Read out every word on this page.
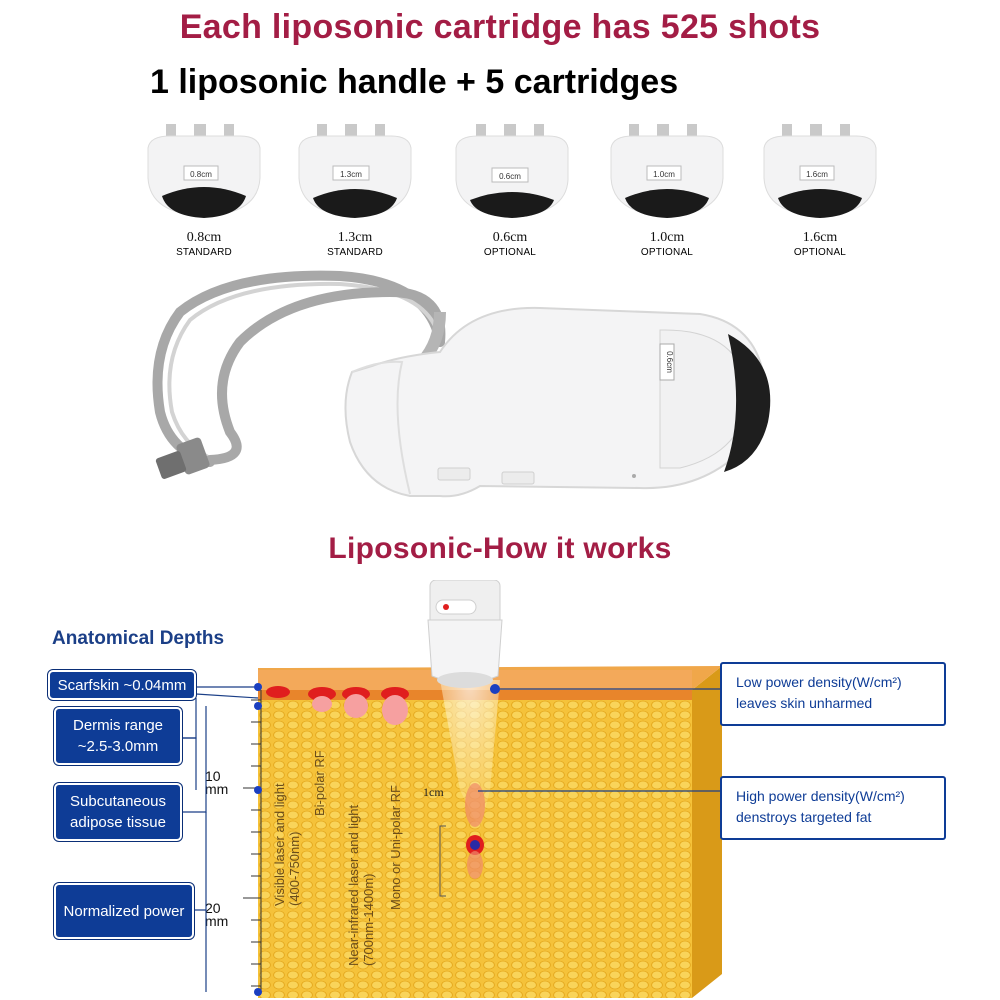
Each liposonic cartridge has 525 shots
1 liposonic handle + 5 cartridges
0.8cm
0.8cm
STANDARD
1.3cm
1.3cm
STANDARD
0.6cm
0.6cm
OPTIONAL
1.0cm
1.0cm
OPTIONAL
1.6cm
1.6cm
OPTIONAL
0.6cm
Liposonic-How it works
Anatomical Depths
10
mm
20
mm
Visible laser and light
(400-750nm)
Bi-polar RF
Near-infrared laser and light
(700nm-1400m)
Mono or Uni-polar RF 1cm
Scarfskin ~0.04mm
Dermis range
~2.5-3.0mm
Subcutaneous
adipose tissue
Normalized power
Low power density(W/cm²)
leaves skin unharmed
High power density(W/cm²)
denstroys targeted fat
